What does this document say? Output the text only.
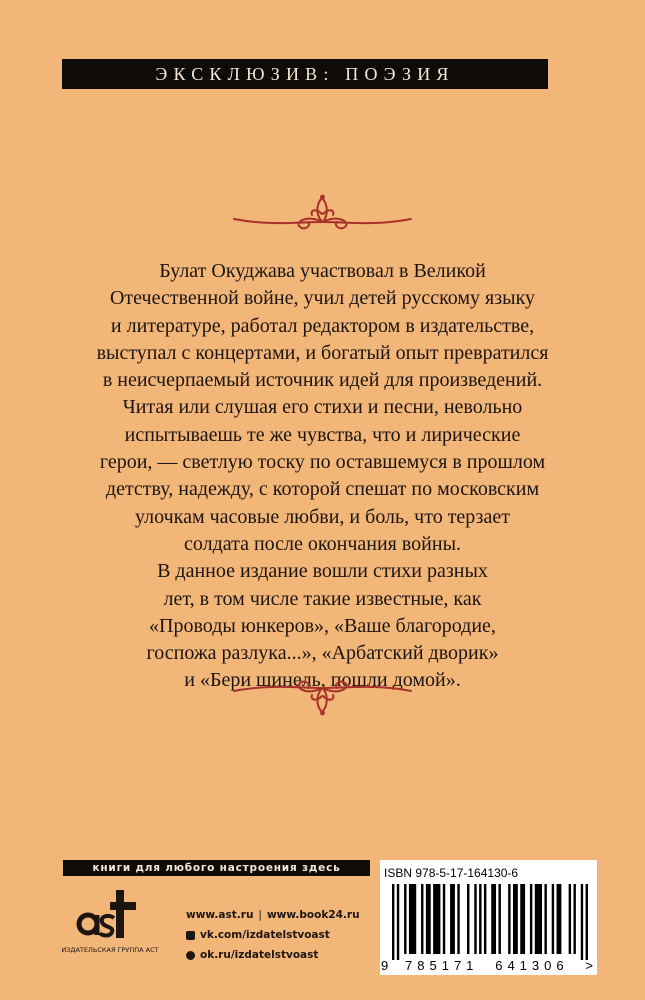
ЭКСКЛЮЗИВ: ПОЭЗИЯ

Булат Окуджава участвовал в Великой
Отечественной войне, учил детей русскому языку
и литературе, работал редактором в издательстве,
выступал с концертами, и богатый опыт превратился
в неисчерпаемый источник идей для произведений.
Читая или слушая его стихи и песни, невольно
испытываешь те же чувства, что и лирические
герои, — светлую тоску по оставшемуся в прошлом
детству, надежду, с которой спешат по московским
улочкам часовые любви, и боль, что терзает
солдата после окончания войны.
В данное издание вошли стихи разных
лет, в том числе такие известные, как
«Проводы юнкеров», «Ваше благородие,
госпожа разлука...», «Арбатский дворик»
и «Бери шинель, пошли домой».

книги для любого настроения здесь
ИЗДАТЕЛЬСКАЯ ГРУППА АСТ
www.ast.ru | www.book24.ru
vk.com/izdatelstvoast
ok.ru/izdatelstvoast
ISBN 978-5-17-164130-6
9 785171 641306 >
